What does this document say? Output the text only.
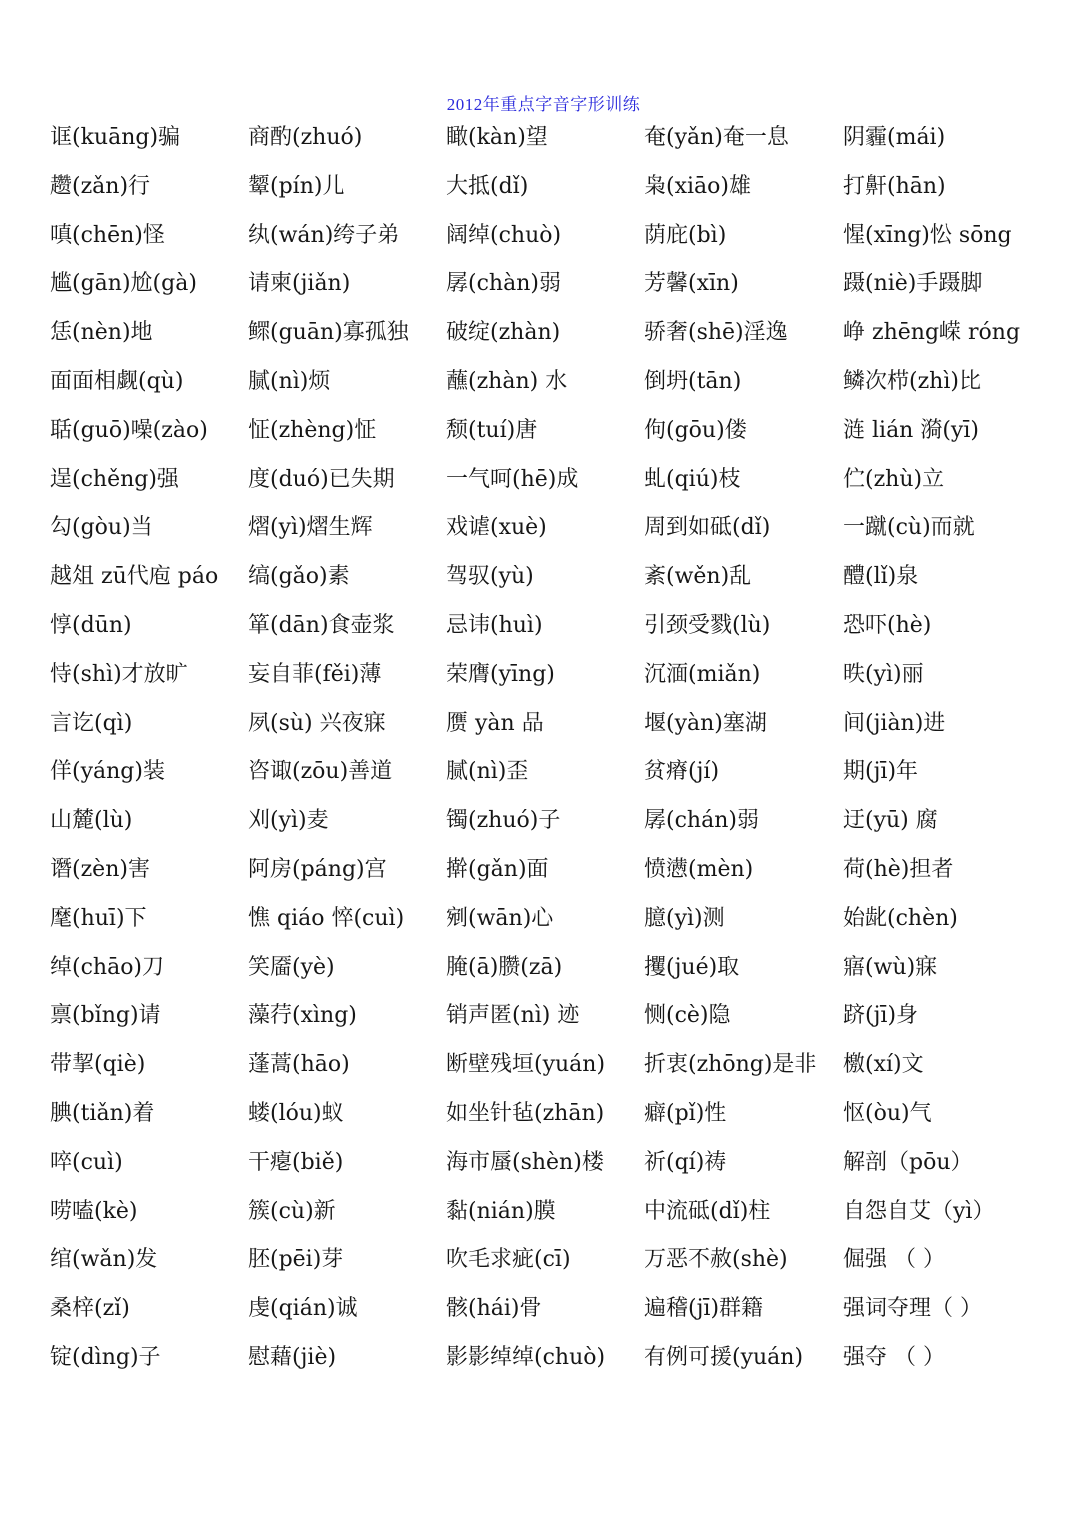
2012年重点字音字形训练
诓(kuāng)骗	商酌(zhuó)	瞰(kàn)望	奄(yǎn)奄一息	阴霾(mái)
趱(zǎn)行	颦(pín)儿	大抵(dǐ)	枭(xiāo)雄	打鼾(hān)
嗔(chēn)怪	纨(wán)绔子弟	阔绰(chuò)	荫庇(bì)	惺(xīng)忪 sōng
尴(gān)尬(gà)	请柬(jiǎn)	孱(chàn)弱	芳馨(xīn)	蹑(niè)手蹑脚
恁(nèn)地	鳏(guān)寡孤独	破绽(zhàn)	骄奢(shē)淫逸	峥 zhēng嵘 róng
面面相觑(qù)	腻(nì)烦	蘸(zhàn) 水	倒坍(tān)	鳞次栉(zhì)比
聒(guō)噪(zào)	怔(zhèng)怔	颓(tuí)唐	佝(gōu)偻	涟 lián 漪(yī)
逞(chěng)强	度(duó)已失期	一气呵(hē)成	虬(qiú)枝	伫(zhù)立
勾(gòu)当	熠(yì)熠生辉	戏谑(xuè)	周到如砥(dǐ)	一蹴(cù)而就
越俎 zū代庖 páo	缟(gǎo)素	驾驭(yù)	紊(wěn)乱	醴(lǐ)泉
惇(dūn)	箪(dān)食壶浆	忌讳(huì)	引颈受戮(lù)	恐吓(hè)
恃(shì)才放旷	妄自菲(fěi)薄	荣膺(yīng)	沉湎(miǎn)	昳(yì)丽
言讫(qì)	夙(sù) 兴夜寐	赝 yàn 品	堰(yàn)塞湖	间(jiàn)进
佯(yáng)装	咨诹(zōu)善道	腻(nì)歪	贫瘠(jí)	期(jī)年
山麓(lù)	刈(yì)麦	镯(zhuó)子	孱(chán)弱	迂(yū) 腐
谮(zèn)害	阿房(páng)宫	擀(gǎn)面	愤懑(mèn)	荷(hè)担者
麾(huī)下	憔 qiáo 悴(cuì)	剜(wān)心	臆(yì)测	始龀(chèn)
绰(chāo)刀	笑靥(yè)	腌(ā)臜(zā)	攫(jué)取	寤(wù)寐
禀(bǐng)请	藻荇(xìng)	销声匿(nì) 迹	恻(cè)隐	跻(jī)身
带挈(qiè)	蓬蒿(hāo)	断壁残垣(yuán)	折衷(zhōng)是非	檄(xí)文
腆(tiǎn)着	蝼(lóu)蚁	如坐针毡(zhān)	癖(pǐ)性	怄(òu)气
啐(cuì)	干瘪(biě)	海市蜃(shèn)楼	祈(qí)祷	解剖（pōu）
唠嗑(kè)	簇(cù)新	黏(nián)膜	中流砥(dǐ)柱	自怨自艾（yì）
绾(wǎn)发	胚(pēi)芽	吹毛求疵(cī)	万恶不赦(shè)	倔强 （ ）
桑梓(zǐ)	虔(qián)诚	骸(hái)骨	遍稽(jī)群籍	强词夺理（ ）
锭(dìng)子	慰藉(jiè)	影影绰绰(chuò)	有例可援(yuán)	强夺 （ ）
